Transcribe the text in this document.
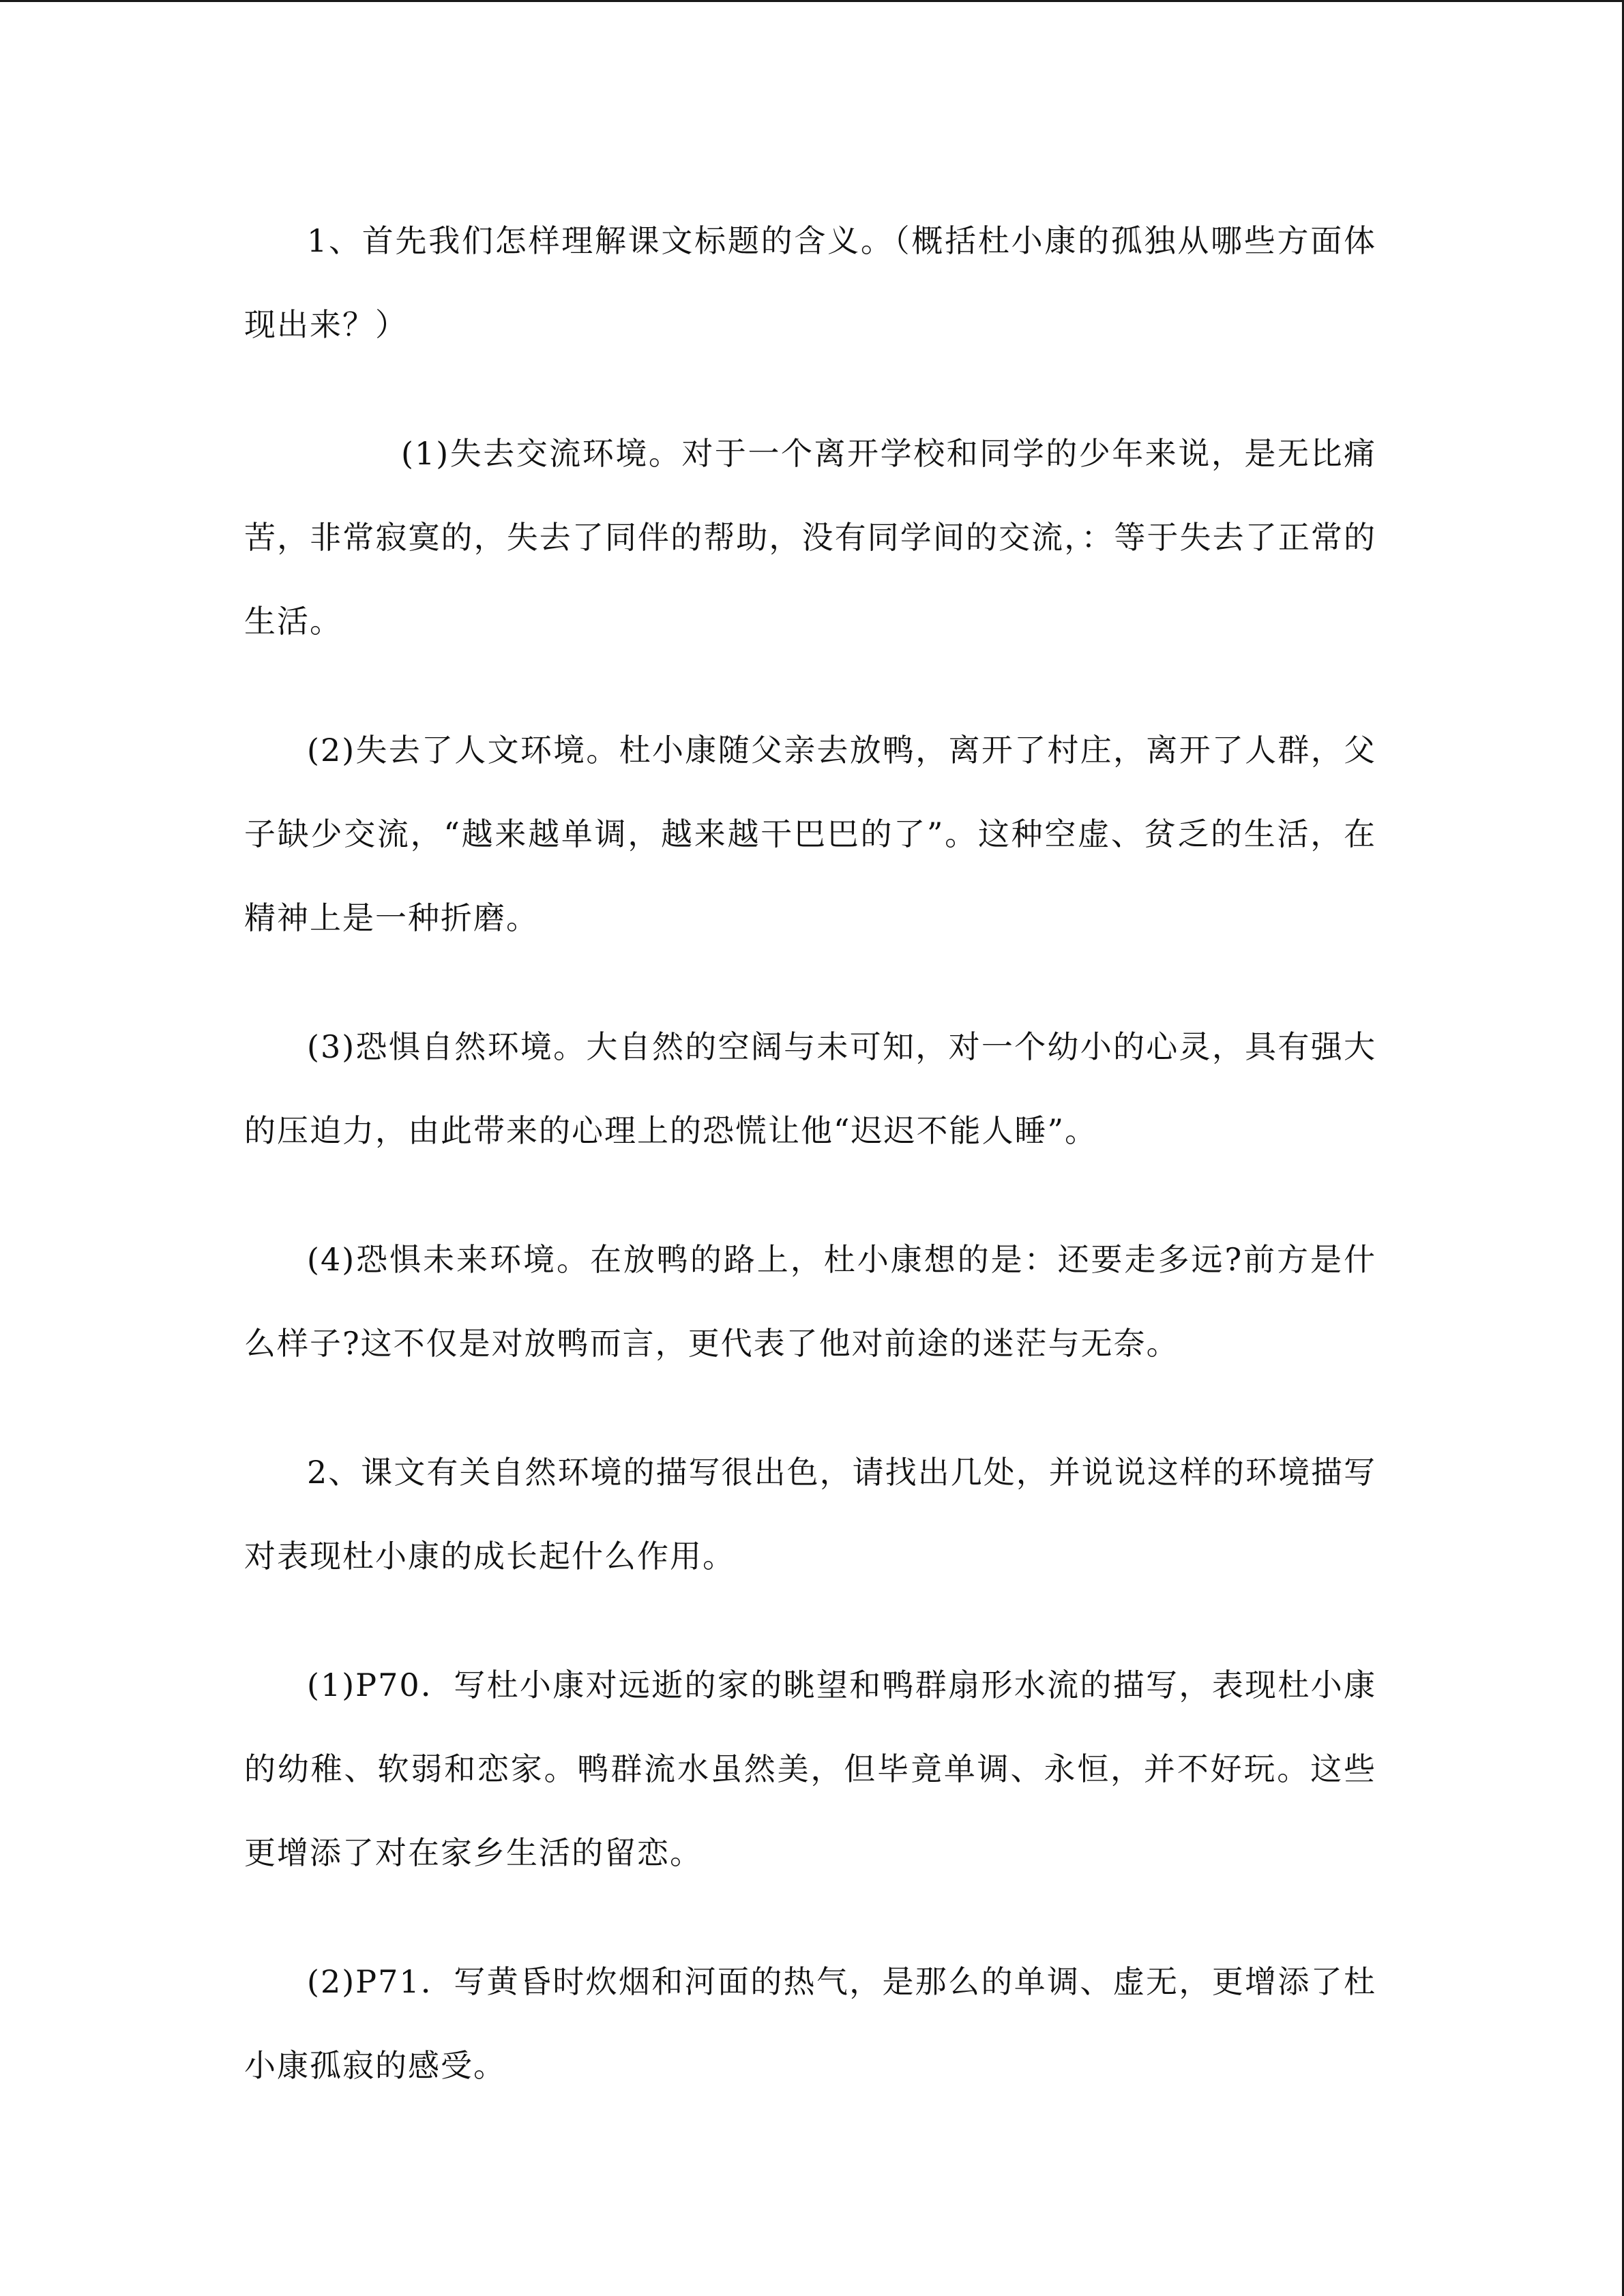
1、首先我们怎样理解课文标题的含义。（概括杜小康的孤独从哪些方面体现出来？）

(1)失去交流环境。对于一个离开学校和同学的少年来说，是无比痛苦，非常寂寞的，失去了同伴的帮助，没有同学间的交流，：等于失去了正常的生活。

(2)失去了人文环境。杜小康随父亲去放鸭，离开了村庄，离开了人群，父子缺少交流，“越来越单调，越来越干巴巴的了”。这种空虚、贫乏的生活，在精神上是一种折磨。

(3)恐惧自然环境。大自然的空阔与未可知，对一个幼小的心灵，具有强大的压迫力，由此带来的心理上的恐慌让他“迟迟不能人睡”。

(4)恐惧未来环境。在放鸭的路上，杜小康想的是：还要走多远?前方是什么样子?这不仅是对放鸭而言，更代表了他对前途的迷茫与无奈。

2、课文有关自然环境的描写很出色，请找出几处，并说说这样的环境描写对表现杜小康的成长起什么作用。

(1)P70．写杜小康对远逝的家的眺望和鸭群扇形水流的描写，表现杜小康的幼稚、软弱和恋家。鸭群流水虽然美，但毕竟单调、永恒，并不好玩。这些更增添了对在家乡生活的留恋。

(2)P71．写黄昏时炊烟和河面的热气，是那么的单调、虚无，更增添了杜小康孤寂的感受。
